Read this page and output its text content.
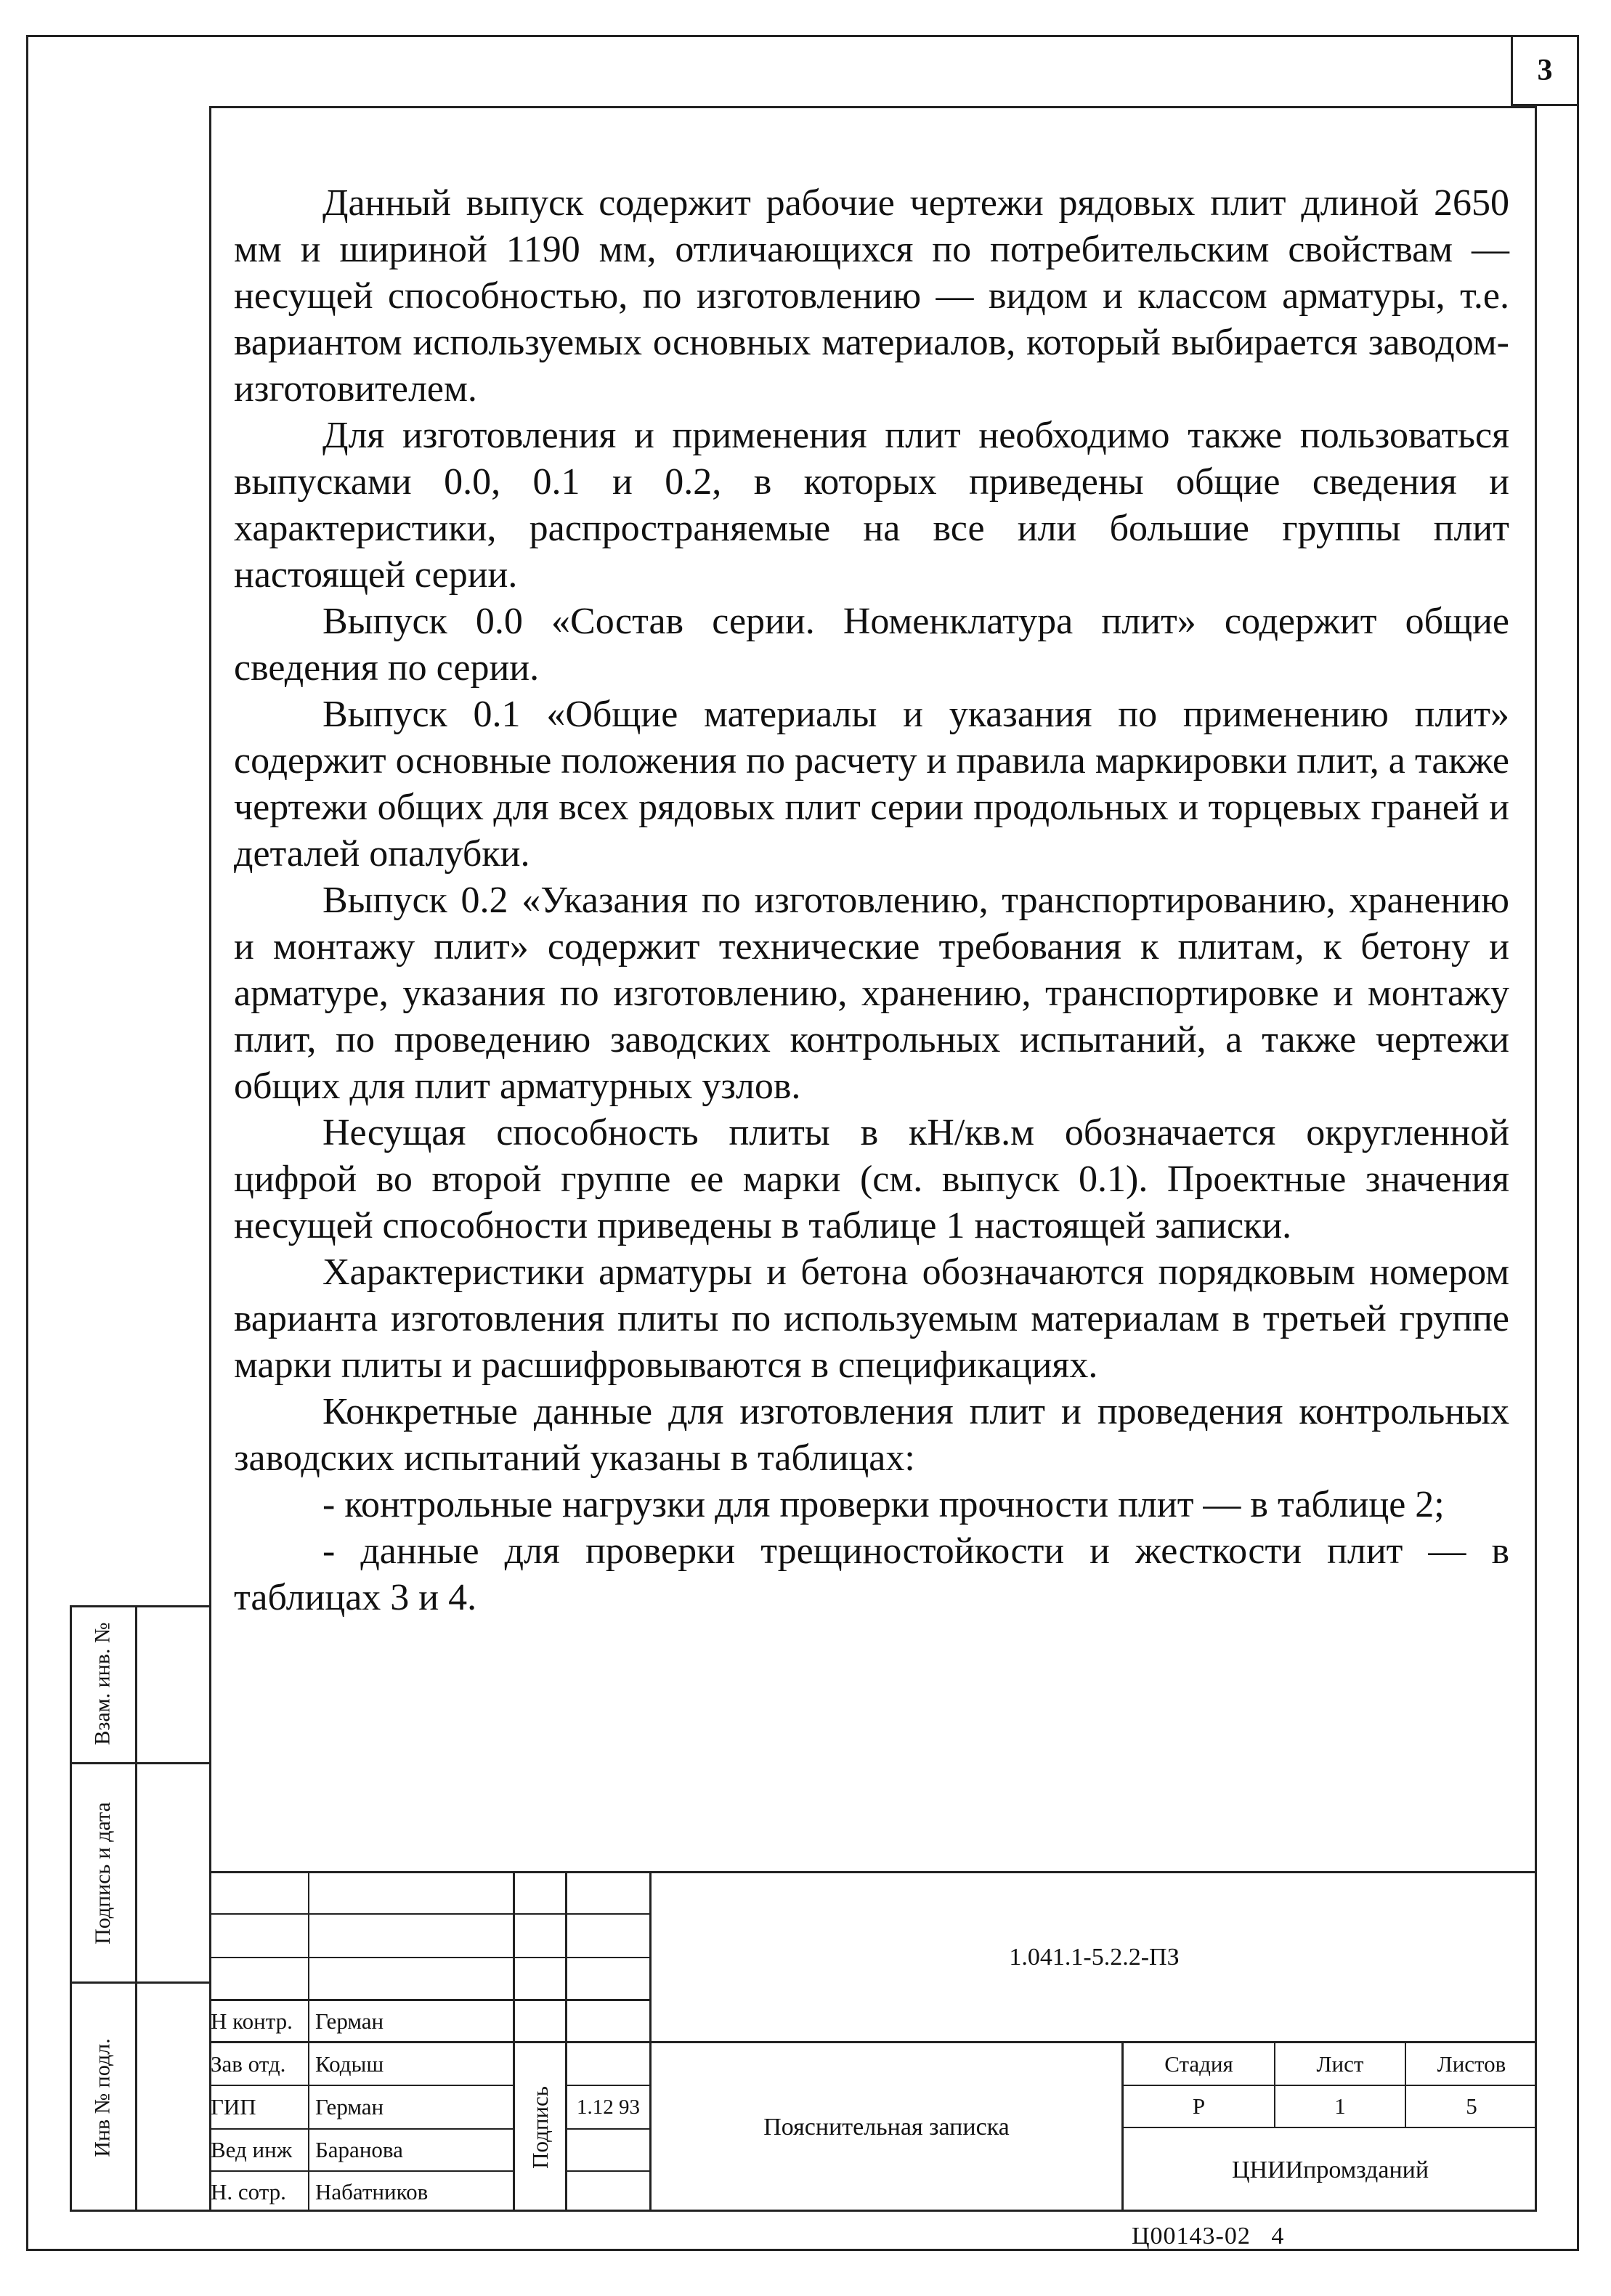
3

Данный выпуск содержит рабочие чертежи рядовых плит длиной 2650 мм и шириной 1190 мм, отличающихся по потребительским свойствам — несущей способностью, по изготовлению — видом и классом арматуры, т.е. вариантом используемых основных материалов, который выбирается заводом-изготовителем.

Для изготовления и применения плит необходимо также пользоваться выпусками 0.0, 0.1 и 0.2, в которых приведены общие сведения и характеристики, распространяемые на все или большие группы плит настоящей серии.

Выпуск 0.0 «Состав серии. Номенклатура плит» содержит общие сведения по серии.

Выпуск 0.1 «Общие материалы и указания по применению плит» содержит основные положения по расчету и правила маркировки плит, а также чертежи общих для всех рядовых плит серии продольных и торцевых граней и деталей опалубки.

Выпуск 0.2 «Указания по изготовлению, транспортированию, хранению и монтажу плит» содержит технические требования к плитам, к бетону и арматуре, указания по изготовлению, хранению, транспортировке и монтажу плит, по проведению заводских контрольных испытаний, а также чертежи общих для плит арматурных узлов.

Несущая способность плиты в кН/кв.м обозначается округленной цифрой во второй группе ее марки (см. выпуск 0.1). Проектные значения несущей способности приведены в таблице 1 настоящей записки.

Характеристики арматуры и бетона обозначаются порядковым номером варианта изготовления плиты по используемым материалам в третьей группе марки плиты и расшифровываются в спецификациях.

Конкретные данные для изготовления плит и проведения контрольных заводских испытаний указаны в таблицах:

- контрольные нагрузки для проверки прочности плит — в таблице 2;

- данные для проверки трещиностойкости и жесткости плит — в таблицах 3 и 4.

Взам. инв. №
Подпись и дата
Инв № подл.
1.041.1-5.2.2-ПЗ
Н контр.	Герман
Зав отд.	Кодыш
ГИП	Герман
Вед инж	Баранова
Н. сотр.	Набатников
Подпись	1.12 93
Пояснительная записка
Стадия	Лист	Листов
Р	1	5
ЦНИИпромзданий
Ц00143-02   4
